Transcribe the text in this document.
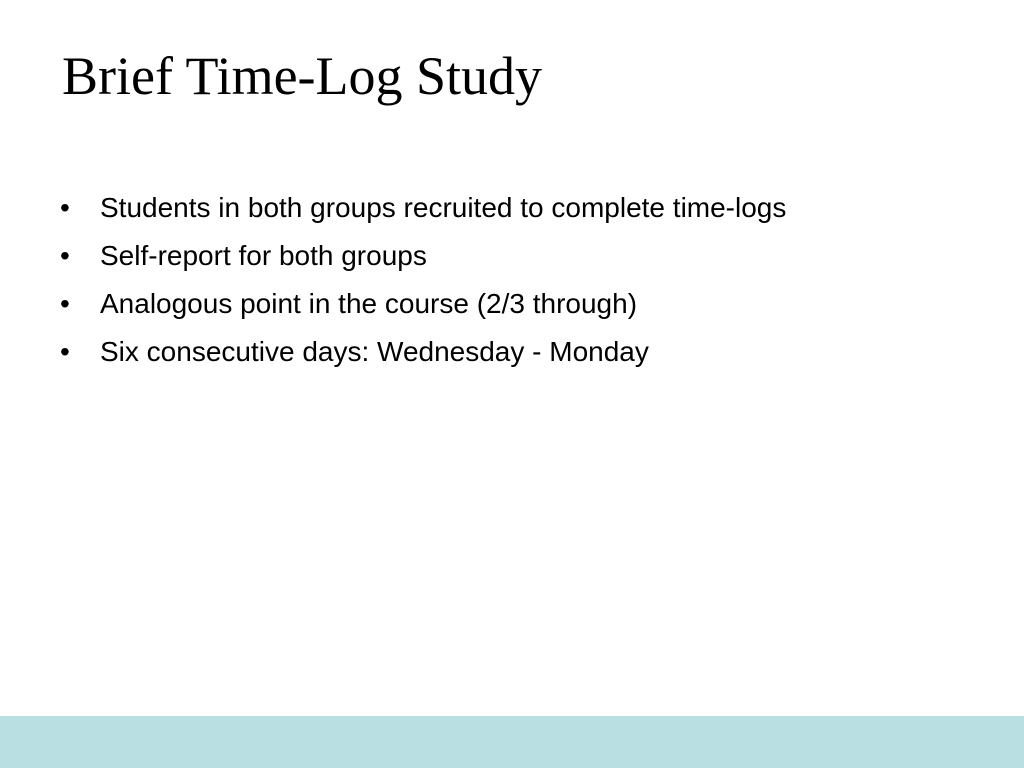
Brief Time-Log Study
•	Students in both groups recruited to complete time-logs
•	Self-report for both groups
•	Analogous point in the course (2/3 through)
•	Six consecutive days: Wednesday - Monday
